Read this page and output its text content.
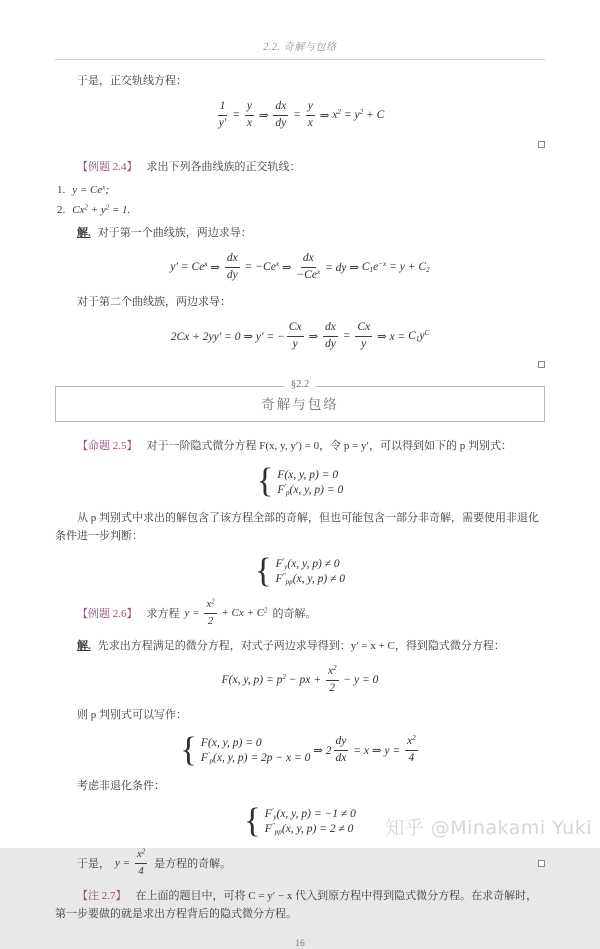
2.2. 奇解与包络

于是，正交轨线方程：

$\frac{1}{y'} = \frac{y}{x}$ ⇒ $\frac{dx}{dy} = \frac{y}{x}$ ⇒ $x^2 = y^2 + C$

【例题 2.4】 求出下列各曲线族的正交轨线：

1. y = C $e^x$ ;
2. C $x^2 + y^2 = 1$.

解. 对于第一个曲线族，两边求导：

y′ = C $e^x$ ⇒ $\frac{dx}{dy} = -C$ $e^x$ ⇒ $\frac{dx}{-Ce^x}$ = dy ⇒ $C_1$ $e^{-x} = y + C_2$

对于第二个曲线族，两边求导：

2Cx + 2yy′ = 0 ⇒ y′ = − $\frac{Cx}{y}$ ⇒ $\frac{dx}{dy} = \frac{Cx}{y}$ ⇒ $x = C_1$ $y^C$
§2.2
奇解与包络

【命题 2.5】 对于一阶隐式微分方程 F(x, y, y′) = 0，令 p = y′，可以得到如下的 p 判别式：

{ F(x, y, p) = 0
$F'_p$ (x, y, p) = 0

从 p 判别式中求出的解包含了该方程全部的奇解，但也可能包含一部分非奇解，需要使用非退化条件进一步判断：

{ $F'_y$ (x, y, p) ≠ 0
$F''_{pp}$ (x, y, p) ≠ 0
【例题 2.6】 求方程 $y = \frac{x^2}{2} + Cx + C^2$ 的奇解。

解. 先求出方程满足的微分方程，对式子两边求导得到：y′ = x + C，得到隐式微分方程：

F(x, y, $p) = p^2$ − px + $\frac{x^2}{2} - y = 0$

则 p 判别式可以写作：

{ F(x, y, p) = 0
$F'_p$ (x, y, p) = 2p − x = 0
⇒ $2 \frac{dy}{dx} = x$ ⇒ $y = \frac{x^2}{4}$

考虑非退化条件：

{ $F'_y$ (x, y, p) = −1 ≠ 0
$F''_{pp}$ (x, y, p) = 2 ≠ 0
于是， $y = \frac{x^2}{4}$ 是方程的奇解。

【注 2.7】 在上面的题目中，可将 C = y′ − x 代入到原方程中得到隐式微分方程。在求奇解时，第一步要做的就是求出方程背后的隐式微分方程。

16
知乎 @Minakami Yuki
